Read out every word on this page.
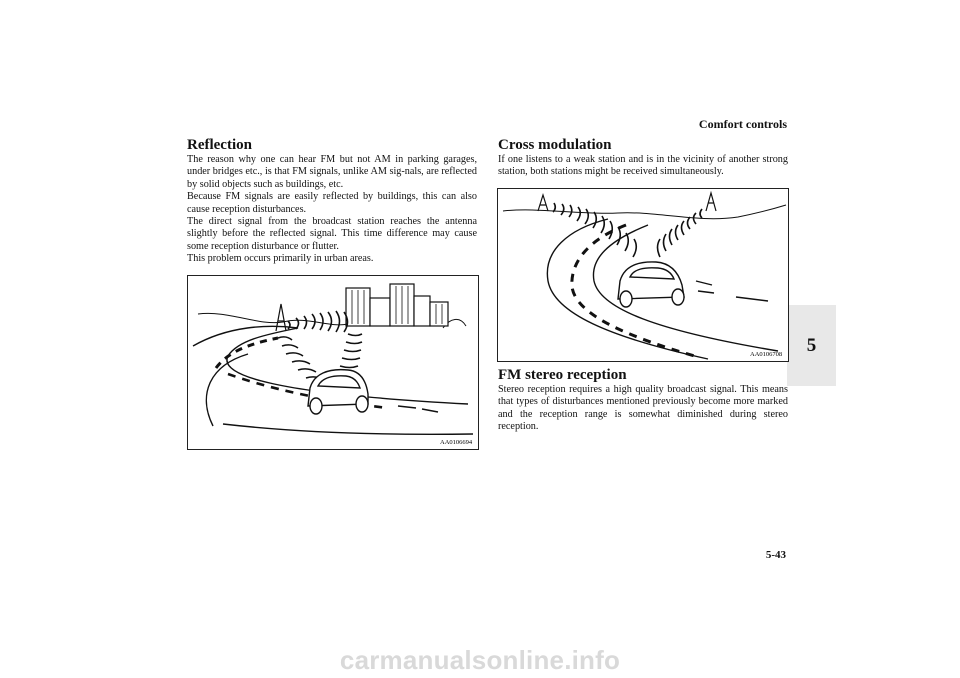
Comfort controls
5
Reflection

The reason why one can hear FM but not AM in parking garages, under bridges etc., is that FM signals, unlike AM sig-nals, are reflected by solid objects such as buildings, etc.

Because FM signals are easily reflected by buildings, this can also cause reception disturbances.

The direct signal from the broadcast station reaches the antenna slightly before the reflected signal. This time difference may cause some reception disturbance or flutter.

This problem occurs primarily in urban areas.

AA0106694
Cross modulation

If one listens to a weak station and is in the vicinity of another strong station, both stations might be received simultaneously.

FM stereo reception

Stereo reception requires a high quality broadcast signal. This means that types of disturbances mentioned previously become more marked and the reception range is somewhat diminished during stereo reception.

AA0106708
5-43
carmanualsonline.info
